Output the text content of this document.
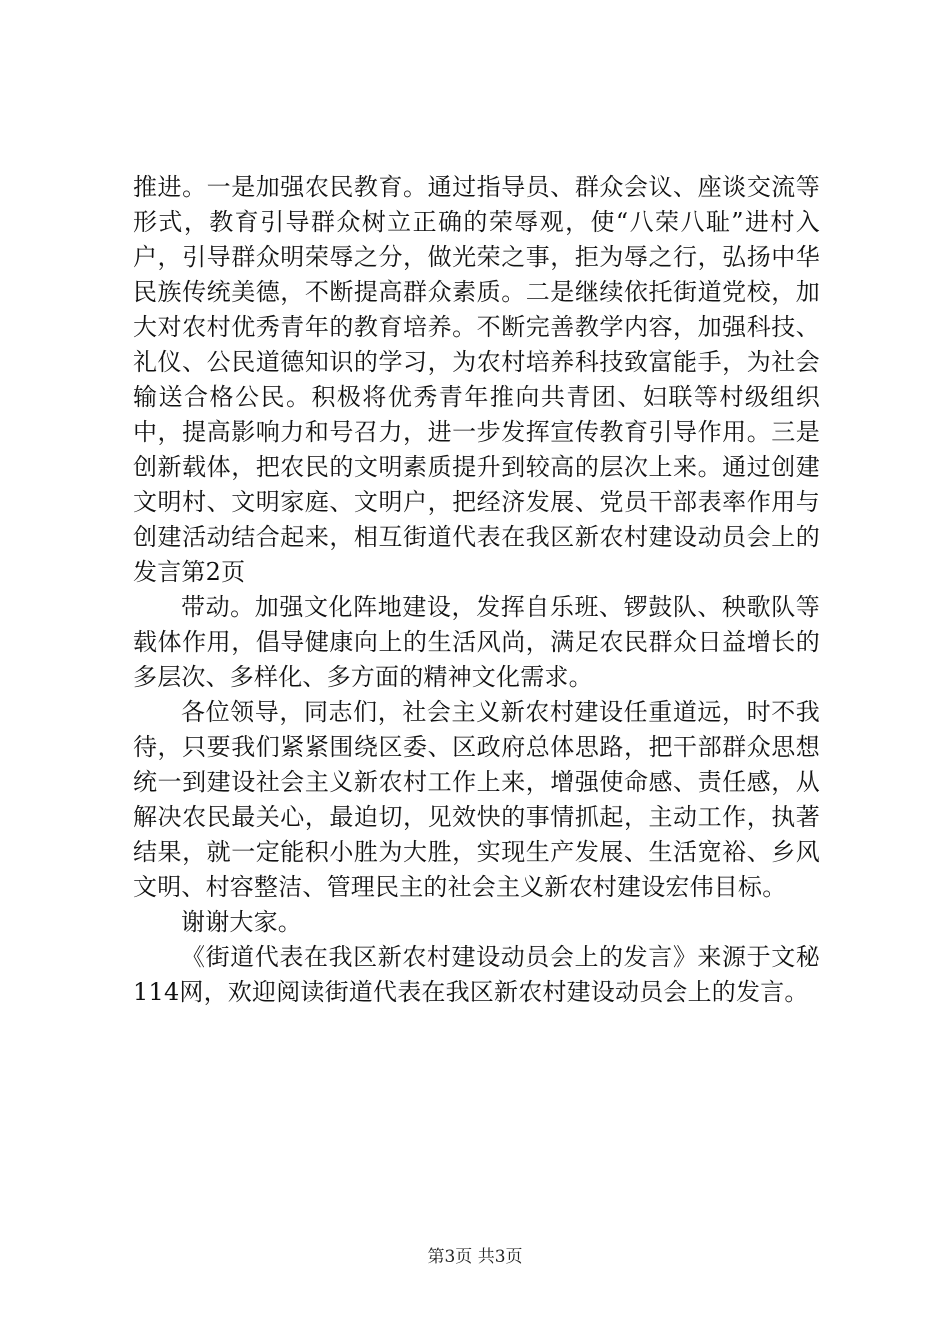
推进。一是加强农民教育。通过指导员、群众会议、座谈交流等形式，教育引导群众树立正确的荣辱观，使“八荣八耻”进村入户，引导群众明荣辱之分，做光荣之事，拒为辱之行，弘扬中华民族传统美德，不断提高群众素质。二是继续依托街道党校，加大对农村优秀青年的教育培养。不断完善教学内容，加强科技、礼仪、公民道德知识的学习，为农村培养科技致富能手，为社会输送合格公民。积极将优秀青年推向共青团、妇联等村级组织中，提高影响力和号召力，进一步发挥宣传教育引导作用。三是创新载体，把农民的文明素质提升到较高的层次上来。通过创建文明村、文明家庭、文明户，把经济发展、党员干部表率作用与创建活动结合起来，相互街道代表在我区新农村建设动员会上的发言第2页

带动。加强文化阵地建设，发挥自乐班、锣鼓队、秧歌队等载体作用，倡导健康向上的生活风尚，满足农民群众日益增长的多层次、多样化、多方面的精神文化需求。

各位领导，同志们，社会主义新农村建设任重道远，时不我待，只要我们紧紧围绕区委、区政府总体思路，把干部群众思想统一到建设社会主义新农村工作上来，增强使命感、责任感，从解决农民最关心，最迫切，见效快的事情抓起，主动工作，执著结果，就一定能积小胜为大胜，实现生产发展、生活宽裕、乡风文明、村容整洁、管理民主的社会主义新农村建设宏伟目标。

谢谢大家。

《街道代表在我区新农村建设动员会上的发言》来源于文秘114网，欢迎阅读街道代表在我区新农村建设动员会上的发言。

第3页 共3页
